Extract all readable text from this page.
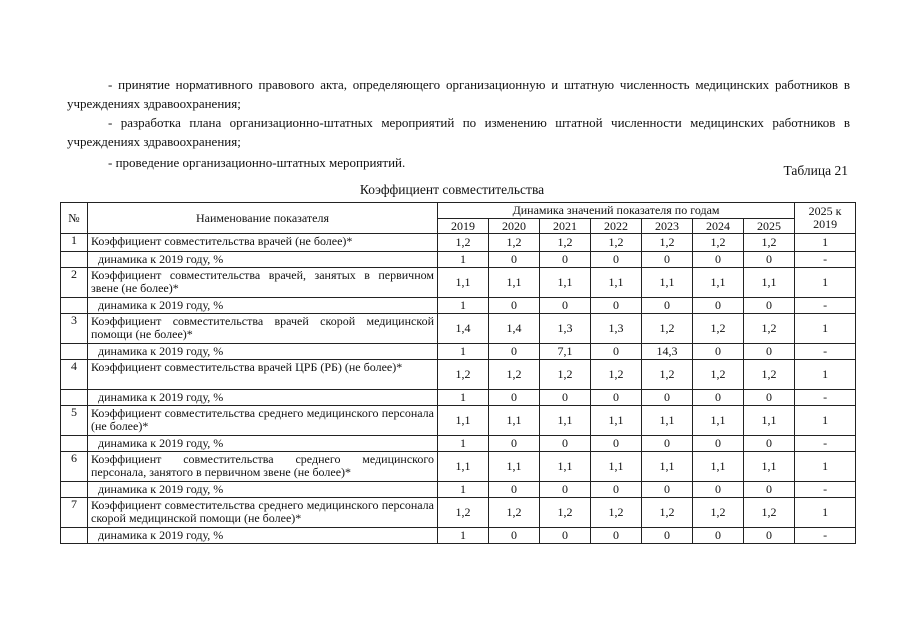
- принятие нормативного правового акта, определяющего организационную и штатную численность медицинских работников в учреждениях здравоохранения;

- разработка плана организационно-штатных мероприятий по изменению штатной численности медицинских работников в учреждениях здравоохранения;

- проведение организационно-штатных мероприятий.

Таблица 21
Коэффициент совместительства
№	Наименование показателя	Динамика значений показателя по годам							2025 к 2019
		2019	2020	2021	2022	2023	2024	2025	
1	Коэффициент совместительства врачей (не более)*	1,2	1,2	1,2	1,2	1,2	1,2	1,2	1
	динамика к 2019 году, %	1	0	0	0	0	0	0	-
2	Коэффициент совместительства врачей, занятых в первичном звене (не более)*	1,1	1,1	1,1	1,1	1,1	1,1	1,1	1
	динамика к 2019 году, %	1	0	0	0	0	0	0	-
3	Коэффициент совместительства врачей скорой медицинской помощи (не более)*	1,4	1,4	1,3	1,3	1,2	1,2	1,2	1
	динамика к 2019 году, %	1	0	7,1	0	14,3	0	0	-
4	Коэффициент совместительства врачей ЦРБ (РБ) (не более)*	1,2	1,2	1,2	1,2	1,2	1,2	1,2	1
	динамика к 2019 году, %	1	0	0	0	0	0	0	-
5	Коэффициент совместительства среднего медицинского персонала (не более)*	1,1	1,1	1,1	1,1	1,1	1,1	1,1	1
	динамика к 2019 году, %	1	0	0	0	0	0	0	-
6	Коэффициент совместительства среднего медицинского персонала, занятого в первичном звене (не более)*	1,1	1,1	1,1	1,1	1,1	1,1	1,1	1
	динамика к 2019 году, %	1	0	0	0	0	0	0	-
7	Коэффициент совместительства среднего медицинского персонала скорой медицинской помощи (не более)*	1,2	1,2	1,2	1,2	1,2	1,2	1,2	1
	динамика к 2019 году, %	1	0	0	0	0	0	0	-
